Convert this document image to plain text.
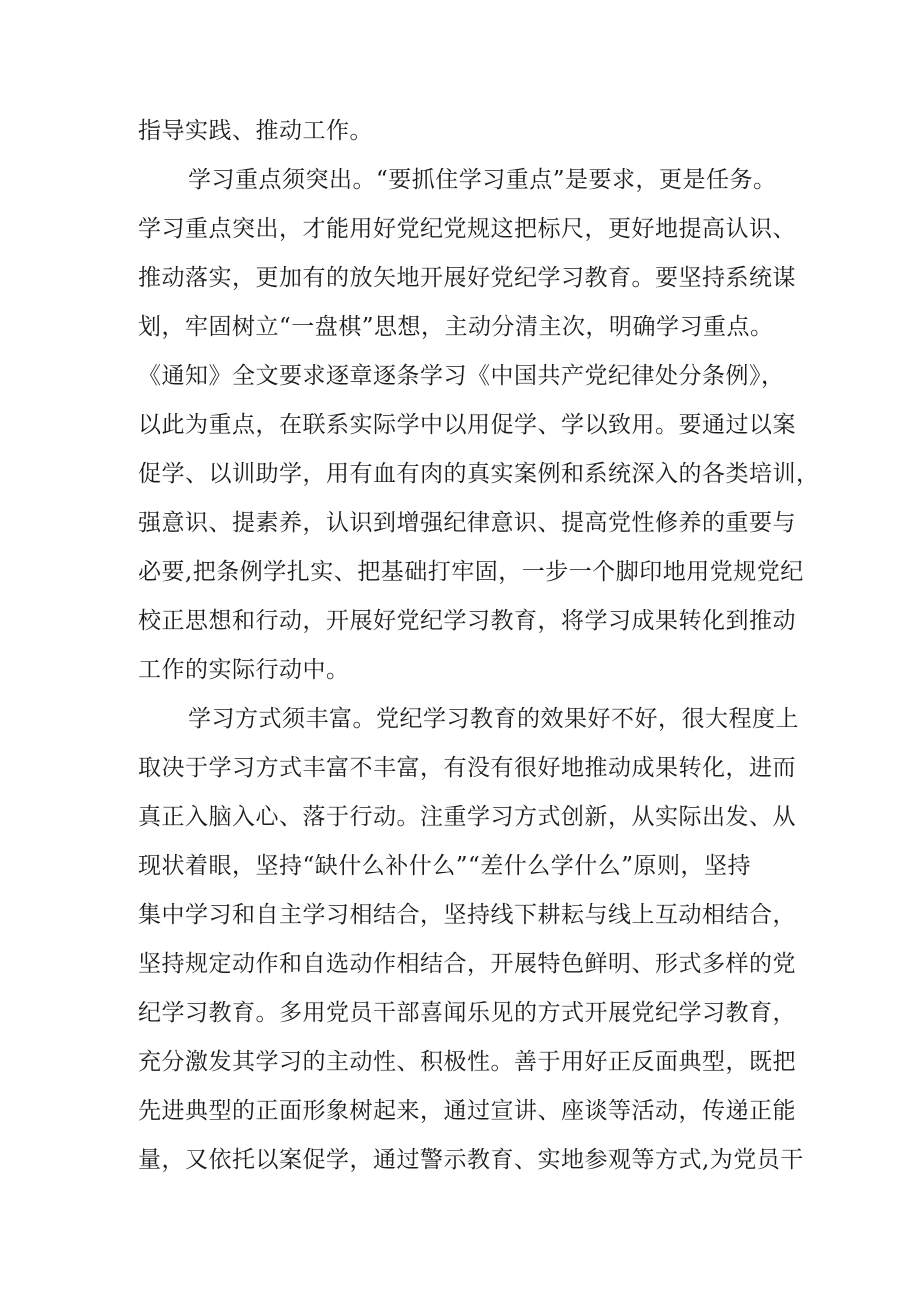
指导实践、推动工作。
学习重点须突出。“要抓住学习重点”是要求，更是任务。
学习重点突出，才能用好党纪党规这把标尺，更好地提高认识、
推动落实，更加有的放矢地开展好党纪学习教育。要坚持系统谋
划，牢固树立“一盘棋”思想，主动分清主次，明确学习重点。
《通知》全文要求逐章逐条学习《中国共产党纪律处分条例》，
以此为重点，在联系实际学中以用促学、学以致用。要通过以案
促学、以训助学，用有血有肉的真实案例和系统深入的各类培训，
强意识、提素养，认识到增强纪律意识、提高党性修养的重要与
必要,把条例学扎实、把基础打牢固，一步一个脚印地用党规党纪
校正思想和行动，开展好党纪学习教育，将学习成果转化到推动
工作的实际行动中。
学习方式须丰富。党纪学习教育的效果好不好，很大程度上
取决于学习方式丰富不丰富，有没有很好地推动成果转化，进而
真正入脑入心、落于行动。注重学习方式创新，从实际出发、从
现状着眼，坚持“缺什么补什么”“差什么学什么”原则，坚持
集中学习和自主学习相结合，坚持线下耕耘与线上互动相结合，
坚持规定动作和自选动作相结合，开展特色鲜明、形式多样的党
纪学习教育。多用党员干部喜闻乐见的方式开展党纪学习教育，
充分激发其学习的主动性、积极性。善于用好正反面典型，既把
先进典型的正面形象树起来，通过宣讲、座谈等活动，传递正能
量，又依托以案促学，通过警示教育、实地参观等方式,为党员干
